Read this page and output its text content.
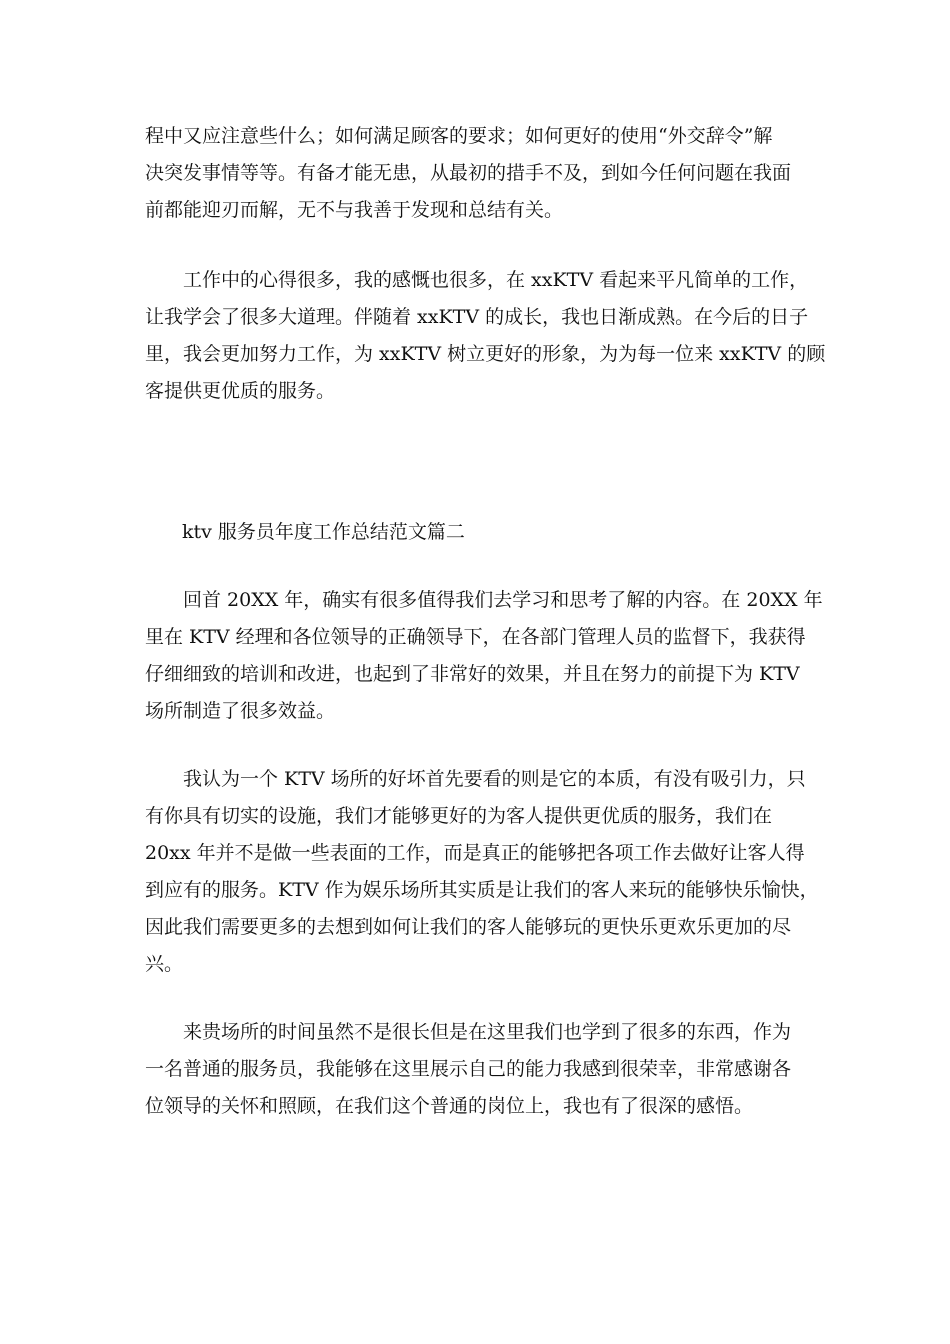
程中又应注意些什么；如何满足顾客的要求；如何更好的使用“外交辞令”解
决突发事情等等。有备才能无患，从最初的措手不及，到如今任何问题在我面
前都能迎刃而解，无不与我善于发现和总结有关。

　　工作中的心得很多，我的感慨也很多，在 xxKTV 看起来平凡简单的工作，
让我学会了很多大道理。伴随着 xxKTV 的成长，我也日渐成熟。在今后的日子
里，我会更加努力工作，为 xxKTV 树立更好的形象，为为每一位来 xxKTV 的顾
客提供更优质的服务。

ktv 服务员年度工作总结范文篇二

　　回首 20XX 年，确实有很多值得我们去学习和思考了解的内容。在 20XX 年
里在 KTV 经理和各位领导的正确领导下，在各部门管理人员的监督下，我获得
仔细细致的培训和改进，也起到了非常好的效果，并且在努力的前提下为 KTV
场所制造了很多效益。

　　我认为一个 KTV 场所的好坏首先要看的则是它的本质，有没有吸引力，只
有你具有切实的设施，我们才能够更好的为客人提供更优质的服务，我们在
20xx 年并不是做一些表面的工作，而是真正的能够把各项工作去做好让客人得
到应有的服务。KTV 作为娱乐场所其实质是让我们的客人来玩的能够快乐愉快，
因此我们需要更多的去想到如何让我们的客人能够玩的更快乐更欢乐更加的尽
兴。

　　来贵场所的时间虽然不是很长但是在这里我们也学到了很多的东西，作为
一名普通的服务员，我能够在这里展示自己的能力我感到很荣幸，非常感谢各
位领导的关怀和照顾，在我们这个普通的岗位上，我也有了很深的感悟。
